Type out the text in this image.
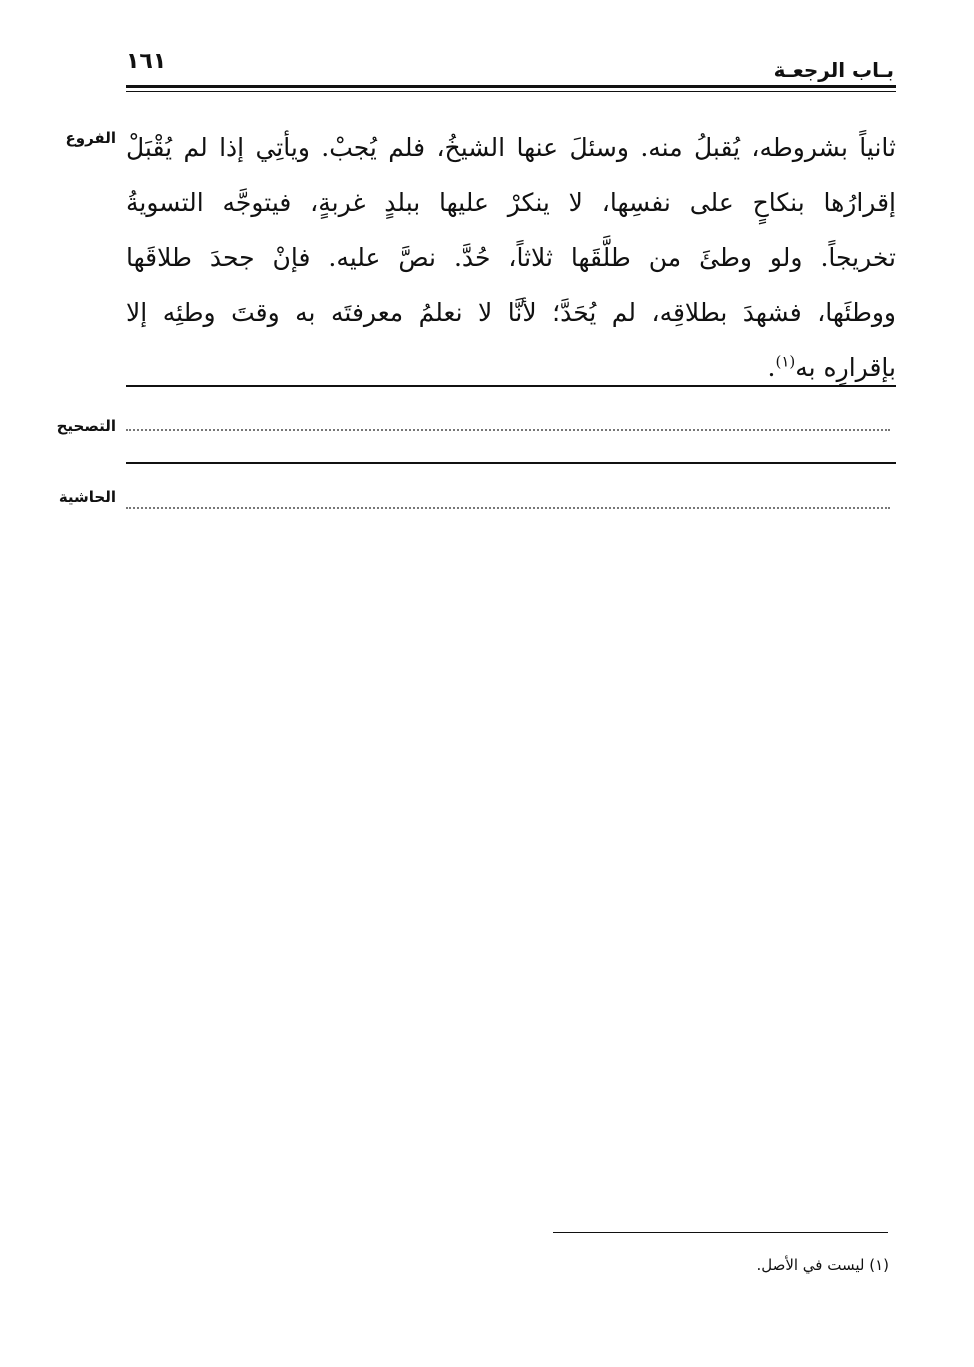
بـاب الرجعـة
١٦١
الفروع
التصحيح
الحاشية
ثانياً بشروطه، يُقبلُ منه. وسئلَ عنها الشيخُ، فلم يُجبْ. ويأتِي إذا لم يُقْبَلْ
إقرارُها بنكاحٍ على نفسِها، لا ينكرْ عليها ببلدٍ غربةٍ، فيتوجَّه التسويةُ
تخريجاً. ولو وطئَ من طلَّقَها ثلاثاً، حُدَّ. نصَّ عليه. فإنْ جحدَ طلاقَها
ووطئَها، فشهدَ بطلاقِه، لم يُحَدَّ؛ لأنَّا لا نعلمُ معرفتَه به وقتَ وطئِه إلا
بإقرارِه به$^{(١)}$.
(١) ليست في الأصل.
